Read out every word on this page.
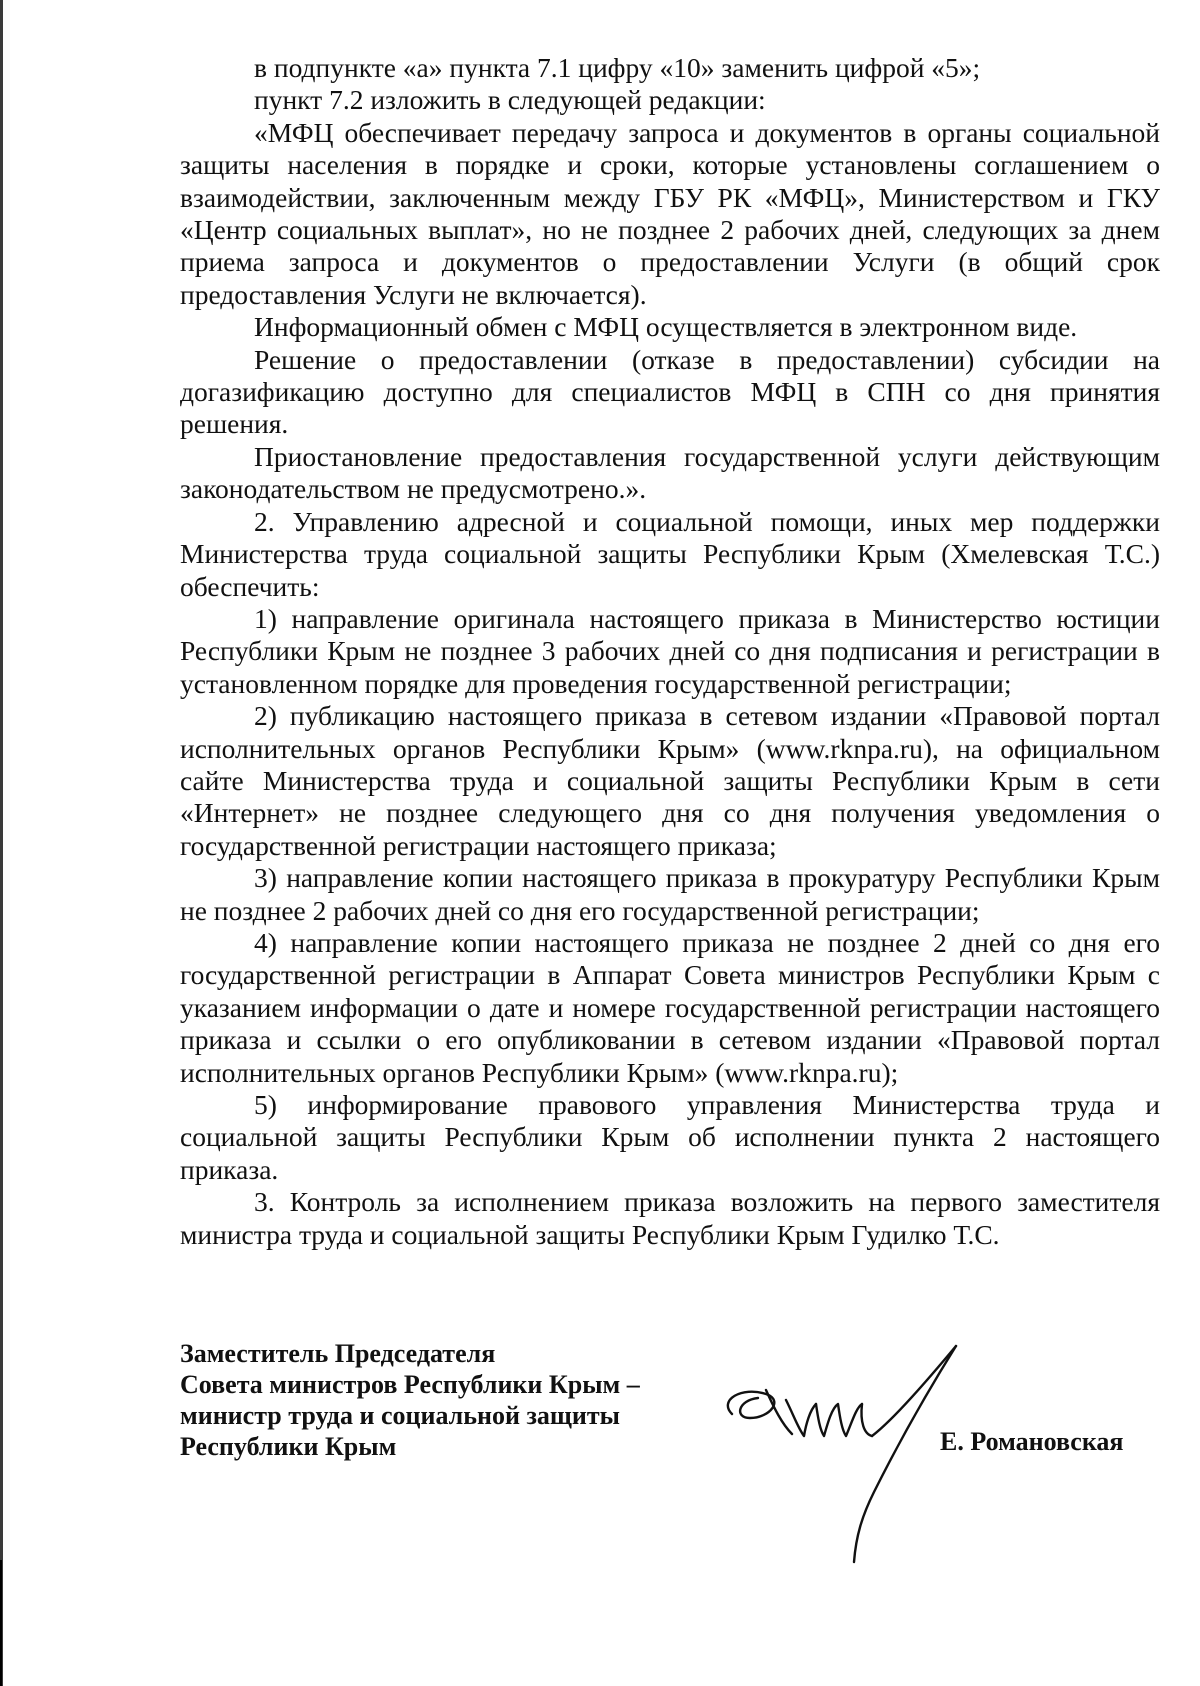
в подпункте «а» пункта 7.1 цифру «10» заменить цифрой «5»;

пункт 7.2 изложить в следующей редакции:

«МФЦ обеспечивает передачу запроса и документов в органы социальной защиты населения в порядке и сроки, которые установлены соглашением о взаимодействии, заключенным между ГБУ РК «МФЦ», Министерством и ГКУ «Центр социальных выплат», но не позднее 2 рабочих дней, следующих за днем приема запроса и документов о предоставлении Услуги (в общий срок предоставления Услуги не включается).

Информационный обмен с МФЦ осуществляется в электронном виде.

Решение о предоставлении (отказе в предоставлении) субсидии на догазификацию доступно для специалистов МФЦ в СПН со дня принятия решения.

Приостановление предоставления государственной услуги действующим законодательством не предусмотрено.».

2. Управлению адресной и социальной помощи, иных мер поддержки Министерства труда социальной защиты Республики Крым (Хмелевская Т.С.) обеспечить:

1) направление оригинала настоящего приказа в Министерство юстиции Республики Крым не позднее 3 рабочих дней со дня подписания и регистрации в установленном порядке для проведения государственной регистрации;

2) публикацию настоящего приказа в сетевом издании «Правовой портал исполнительных органов Республики Крым» (www.rknpa.ru), на официальном сайте Министерства труда и социальной защиты Республики Крым в сети «Интернет» не позднее следующего дня со дня получения уведомления о государственной регистрации настоящего приказа;

3) направление копии настоящего приказа в прокуратуру Республики Крым не позднее 2 рабочих дней со дня его государственной регистрации;

4) направление копии настоящего приказа не позднее 2 дней со дня его государственной регистрации в Аппарат Совета министров Республики Крым с указанием информации о дате и номере государственной регистрации настоящего приказа и ссылки о его опубликовании в сетевом издании «Правовой портал исполнительных органов Республики Крым» (www.rknpa.ru);

5) информирование правового управления Министерства труда и социальной защиты Республики Крым об исполнении пункта 2 настоящего приказа.

3. Контроль за исполнением приказа возложить на первого заместителя министра труда и социальной защиты Республики Крым Гудилко Т.С.

Заместитель Председателя
Совета министров Республики Крым –
министр труда и социальной защиты
Республики Крым	Е. Романовская
